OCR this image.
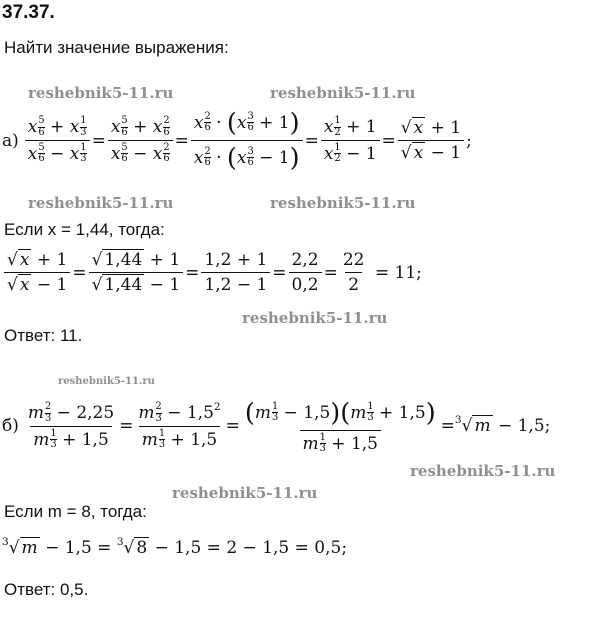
37.37.
Найти значение выражения:
reshebnik5-11.ru	reshebnik5-11.ru
reshebnik5-11.ru	reshebnik5-11.ru
reshebnik5-11.ru
reshebnik5-11.ru
reshebnik5-11.ru
reshebnik5-11.ru
$а) \frac{x \frac{5}{6} + x \frac{1}{3}}{x \frac{5}{6} - x \frac{1}{3}} = \frac{x \frac{5}{6} + x \frac{2}{6}}{x \frac{5}{6} - x \frac{2}{6}} = \frac{x \frac{2}{6} \cdot (x \frac{3}{6} + 1)}{x \frac{2}{6} \cdot (x \frac{3}{6} - 1)} = \frac{x \frac{1}{2} + 1}{x \frac{1}{2} - 1} = \frac{√ x + 1}{√ x - 1}$ ;
Если x = 1,44, тогда:
$\frac{√ x + 1}{√ x - 1} = \frac{√ 1,44 + 1}{√ 1,44 - 1} = \frac{1,2 + 1}{1,2 - 1} = \frac{2,2}{0,2} = \frac{22}{2} = 11$;
Ответ: 11.
$б) \frac{m \frac{2}{3} - 2,25}{m \frac{1}{3} + 1,5} = \frac{m \frac{2}{3} - 1,5^2}{m \frac{1}{3} + 1,5} = \frac{(m \frac{1}{3} - 1,5)(m \frac{1}{3} + 1,5)}{m \frac{1}{3} + 1,5} = ^3√$ m − 1,5;
Если m = 8, тогда:
$^3$√ m − 1,5 = $^3$√ 8 − 1,5 = 2 − 1,5 = 0,5;
Ответ: 0,5.
